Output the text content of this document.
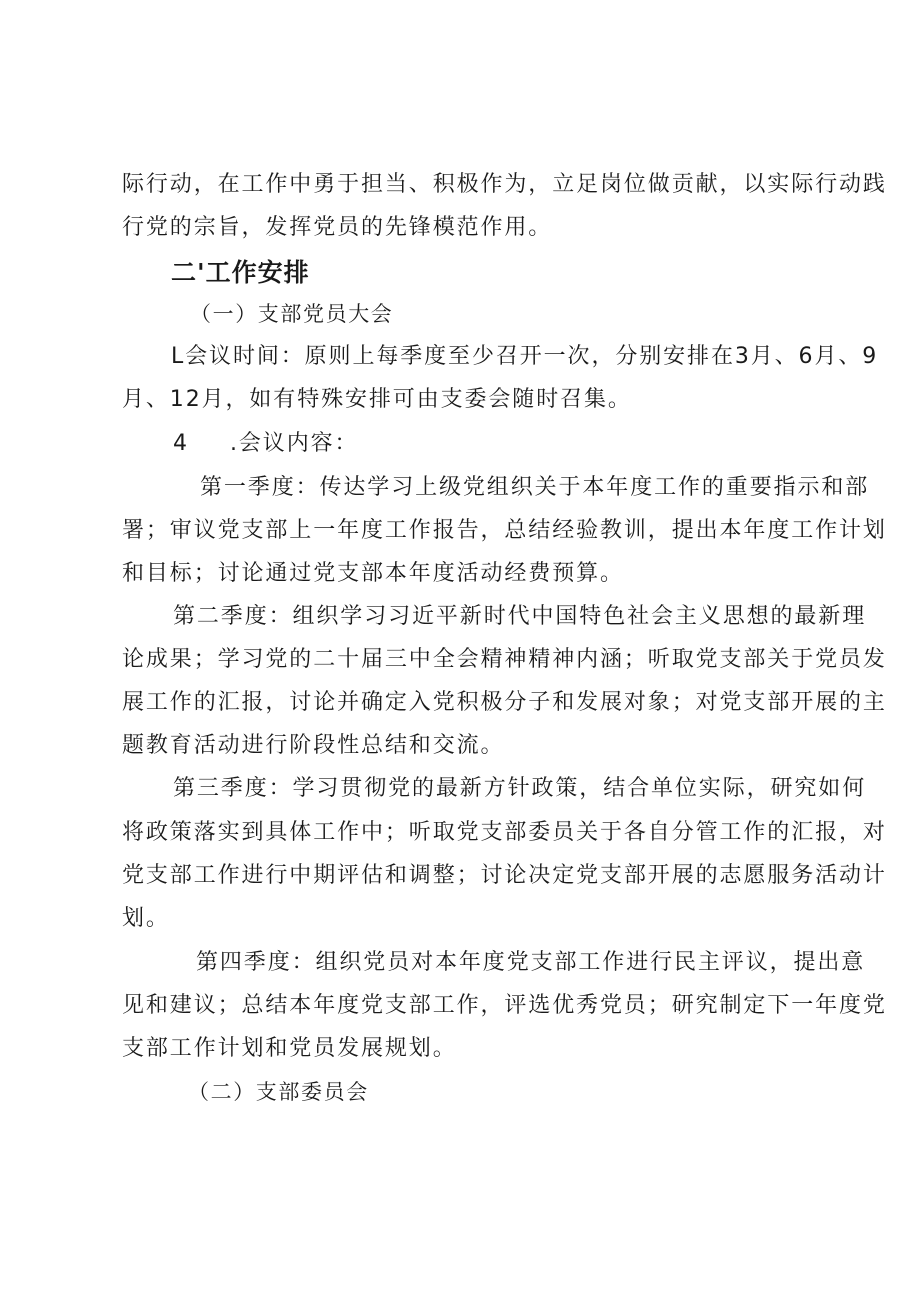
际行动，在工作中勇于担当、积极作为，立足岗位做贡献，以实际行动践
行党的宗旨，发挥党员的先锋模范作用。
二'工作安排
（一）支部党员大会
L会议时间：原则上每季度至少召开一次，分别安排在3月、6月、9
月、12月，如有特殊安排可由支委会随时召集。
4 .会议内容：
第一季度：传达学习上级党组织关于本年度工作的重要指示和部
署；审议党支部上一年度工作报告，总结经验教训，提出本年度工作计划
和目标；讨论通过党支部本年度活动经费预算。
第二季度：组织学习习近平新时代中国特色社会主义思想的最新理
论成果；学习党的二十届三中全会精神精神内涵；听取党支部关于党员发
展工作的汇报，讨论并确定入党积极分子和发展对象；对党支部开展的主
题教育活动进行阶段性总结和交流。
第三季度：学习贯彻党的最新方针政策，结合单位实际，研究如何
将政策落实到具体工作中；听取党支部委员关于各自分管工作的汇报，对
党支部工作进行中期评估和调整；讨论决定党支部开展的志愿服务活动计
划。
第四季度：组织党员对本年度党支部工作进行民主评议，提出意
见和建议；总结本年度党支部工作，评选优秀党员；研究制定下一年度党
支部工作计划和党员发展规划。
（二）支部委员会
